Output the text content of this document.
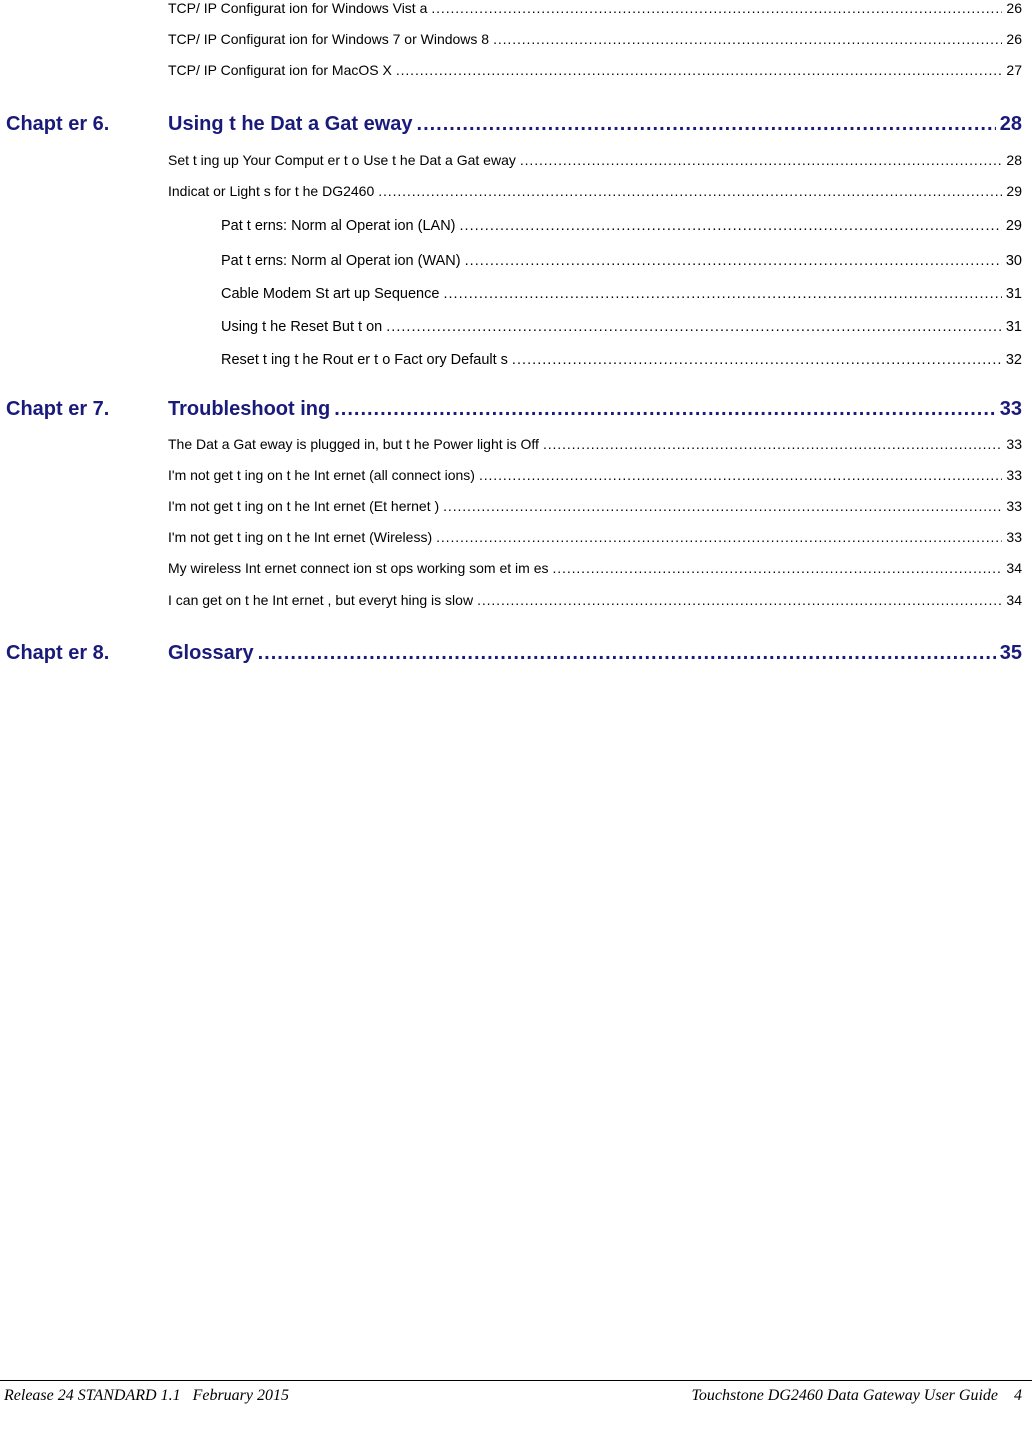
TCP/ IP Configurat ion for Windows Vist a . . .	26
TCP/ IP Configurat ion for Windows 7 or Windows 8 . . .	26
TCP/ IP Configurat ion for MacOS X . . .	27
Chapt er 6.	Using t he Dat a Gat eway .....	28
Set t ing up Your Comput er t o Use t he Dat a Gat eway . . .	28
Indicat or Light s for t he DG2460 . . .	29
Pat t erns: Norm al Operat ion (LAN) . . .	29
Pat t erns: Norm al Operat ion (WAN) . . .	30
Cable Modem St art up Sequence . . .	31
Using t he Reset But t on . . .	31
Reset t ing t he Rout er t o Fact ory Default s . . .	32
Chapt er 7.	Troubleshoot ing .....	33
The Dat a Gat eway is plugged in, but t he Power light is Off . . .	33
I'm not get t ing on t he Int ernet (all connect ions) . . .	33
I'm not get t ing on t he Int ernet (Et hernet ) . . .	33
I'm not get t ing on t he Int ernet (Wireless) . . .	33
My wireless Int ernet connect ion st ops working som et im es . . .	34
I can get on t he Int ernet , but everyt hing is slow . . .	34
Chapt er 8.	Glossary .....	35
Release 24 STANDARD 1.1   February 2015	Touchstone DG2460 Data Gateway User Guide 4
